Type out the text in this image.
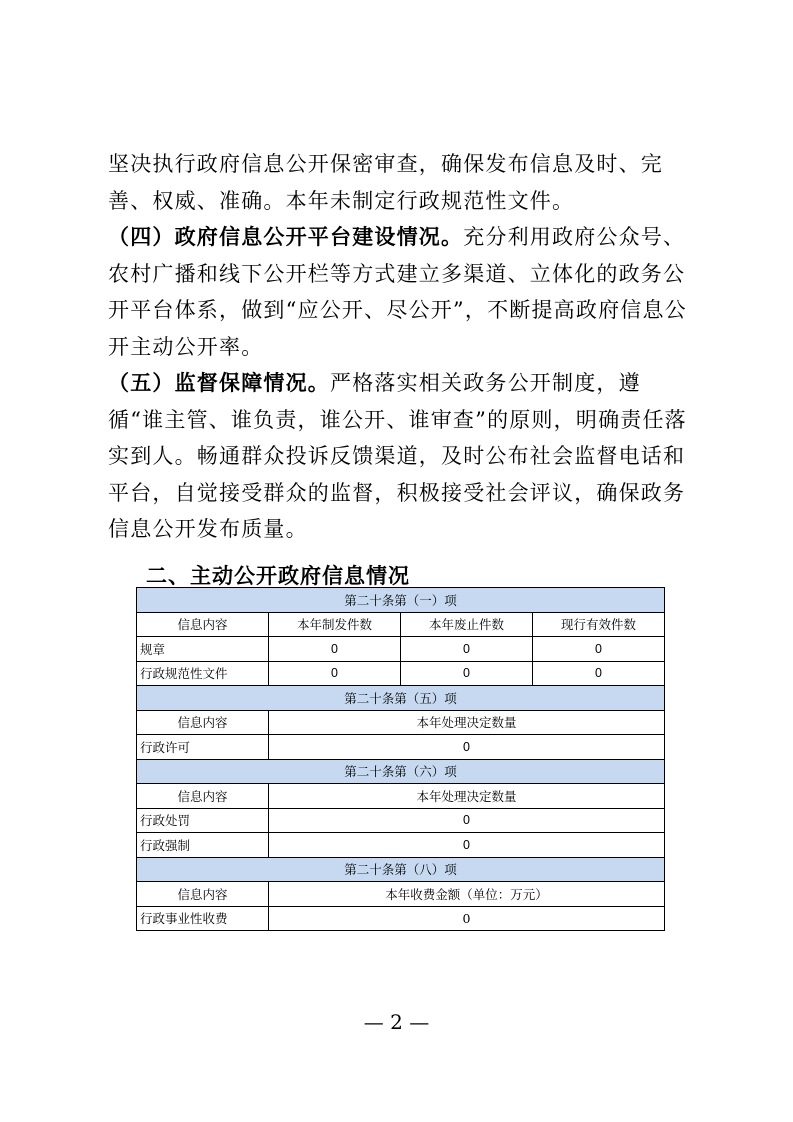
坚决执行政府信息公开保密审查，确保发布信息及时、完善、权威、准确。本年未制定行政规范性文件。
（四）政府信息公开平台建设情况。充分利用政府公众号、农村广播和线下公开栏等方式建立多渠道、立体化的政务公开平台体系，做到“应公开、尽公开”，不断提高政府信息公开主动公开率。
（五）监督保障情况。严格落实相关政务公开制度，遵循“谁主管、谁负责，谁公开、谁审查”的原则，明确责任落实到人。畅通群众投诉反馈渠道，及时公布社会监督电话和平台，自觉接受群众的监督，积极接受社会评议，确保政务信息公开发布质量。
二、主动公开政府信息情况
第二十条第（一）项			
信息内容	本年制发件数	本年废止件数	现行有效件数
规章	0	0	0
行政规范性文件	0	0	0
第二十条第（五）项			
信息内容	本年处理决定数量		
行政许可	0		
第二十条第（六）项			
信息内容	本年处理决定数量		
行政处罚	0		
行政强制	0		
第二十条第（八）项			
信息内容	本年收费金额（单位：万元）		
行政事业性收费	0		
— 2 —
